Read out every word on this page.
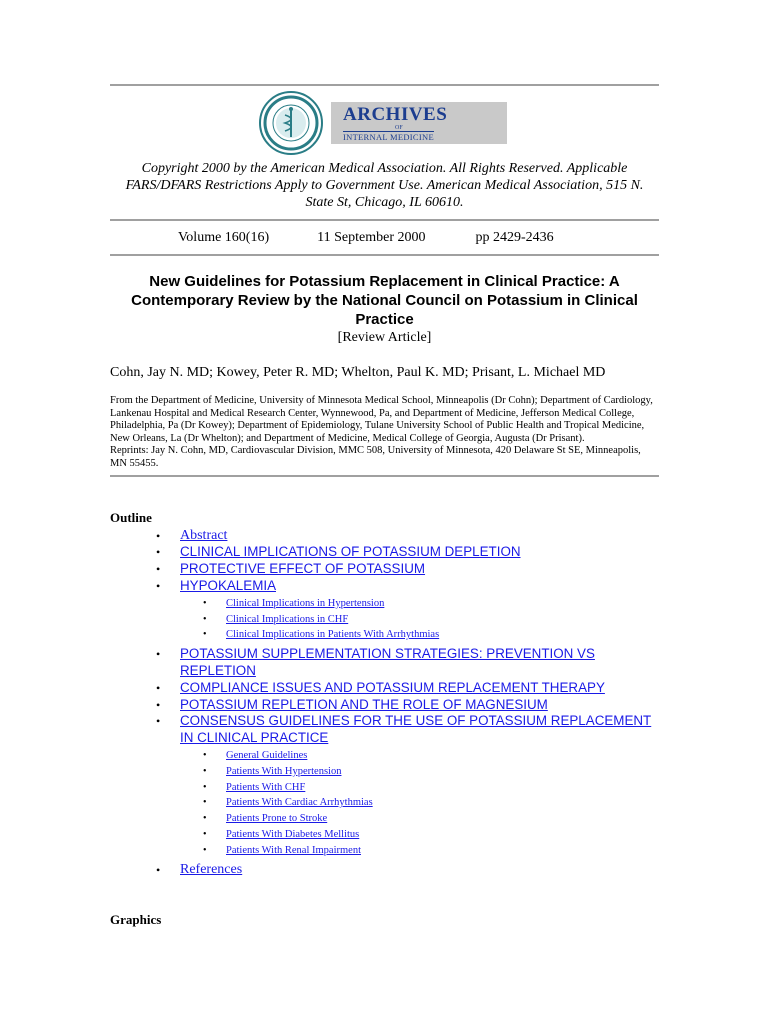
ARCHIVES
OF
INTERNAL MEDICINE

Copyright 2000 by the American Medical Association. All Rights Reserved. Applicable FARS/DFARS Restrictions Apply to Government Use. American Medical Association, 515 N. State St, Chicago, IL 60610.

Volume 160(16)	11 September 2000	pp 2429-2436
New Guidelines for Potassium Replacement in Clinical Practice: A Contemporary Review by the National Council on Potassium in Clinical Practice
[Review Article]
Cohn, Jay N. MD; Kowey, Peter R. MD; Whelton, Paul K. MD; Prisant, L. Michael MD
From the Department of Medicine, University of Minnesota Medical School, Minneapolis (Dr Cohn); Department of Cardiology, Lankenau Hospital and Medical Research Center, Wynnewood, Pa, and Department of Medicine, Jefferson Medical College, Philadelphia, Pa (Dr Kowey); Department of Epidemiology, Tulane University School of Public Health and Tropical Medicine, New Orleans, La (Dr Whelton); and Department of Medicine, Medical College of Georgia, Augusta (Dr Prisant).
Reprints: Jay N. Cohn, MD, Cardiovascular Division, MMC 508, University of Minnesota, 420 Delaware St SE, Minneapolis, MN 55455.
Outline
• Abstract
• CLINICAL IMPLICATIONS OF POTASSIUM DEPLETION
• PROTECTIVE EFFECT OF POTASSIUM
• HYPOKALEMIA
• Clinical Implications in Hypertension
• Clinical Implications in CHF
• Clinical Implications in Patients With Arrhythmias
• POTASSIUM SUPPLEMENTATION STRATEGIES: PREVENTION VS REPLETION
• COMPLIANCE ISSUES AND POTASSIUM REPLACEMENT THERAPY
• POTASSIUM REPLETION AND THE ROLE OF MAGNESIUM
• CONSENSUS GUIDELINES FOR THE USE OF POTASSIUM REPLACEMENT IN CLINICAL PRACTICE
• General Guidelines
• Patients With Hypertension
• Patients With CHF
• Patients With Cardiac Arrhythmias
• Patients Prone to Stroke
• Patients With Diabetes Mellitus
• Patients With Renal Impairment
• References
Graphics
